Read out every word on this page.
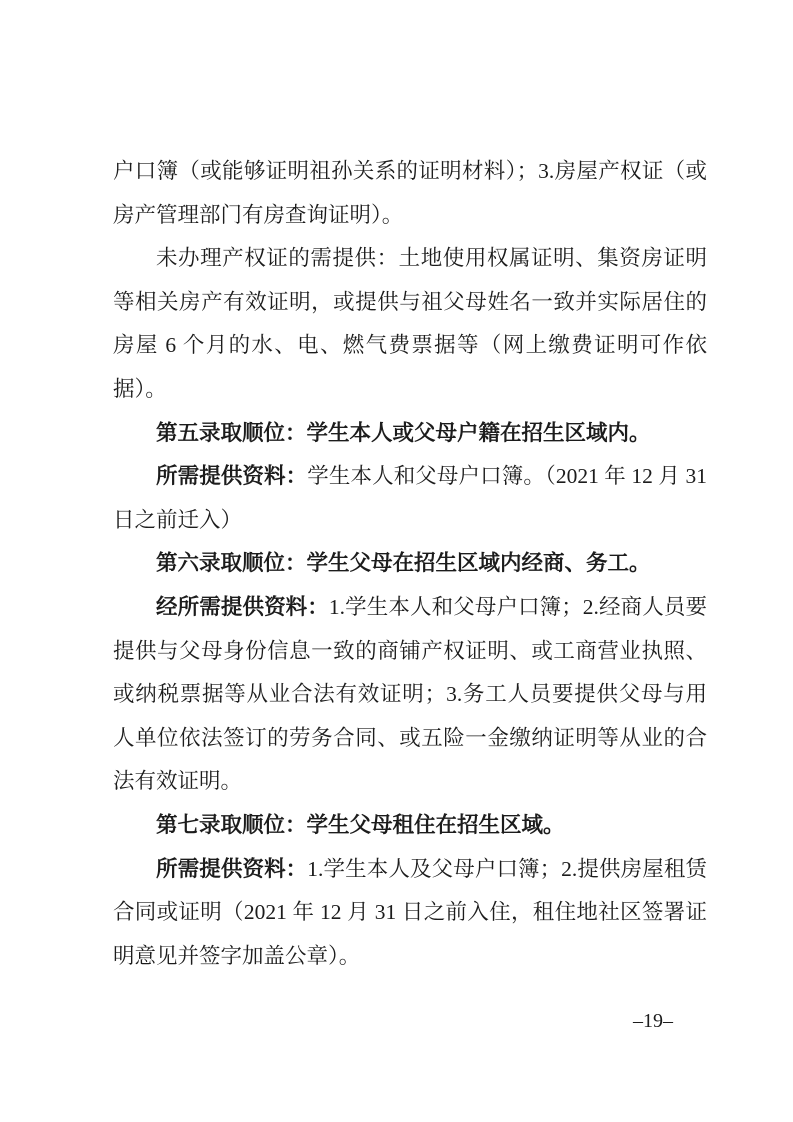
户口簿（或能够证明祖孙关系的证明材料）；3.房屋产权证（或房产管理部门有房查询证明）。

未办理产权证的需提供：土地使用权属证明、集资房证明等相关房产有效证明，或提供与祖父母姓名一致并实际居住的房屋 6 个月的水、电、燃气费票据等（网上缴费证明可作依据）。

第五录取顺位：学生本人或父母户籍在招生区域内。

所需提供资料：学生本人和父母户口簿。（2021 年 12 月 31 日之前迁入）

第六录取顺位：学生父母在招生区域内经商、务工。

经所需提供资料：1.学生本人和父母户口簿；2.经商人员要提供与父母身份信息一致的商铺产权证明、或工商营业执照、或纳税票据等从业合法有效证明；3.务工人员要提供父母与用人单位依法签订的劳务合同、或五险一金缴纳证明等从业的合法有效证明。

第七录取顺位：学生父母租住在招生区域。

所需提供资料：1.学生本人及父母户口簿；2.提供房屋租赁合同或证明（2021 年 12 月 31 日之前入住，租住地社区签署证明意见并签字加盖公章）。

–19–
